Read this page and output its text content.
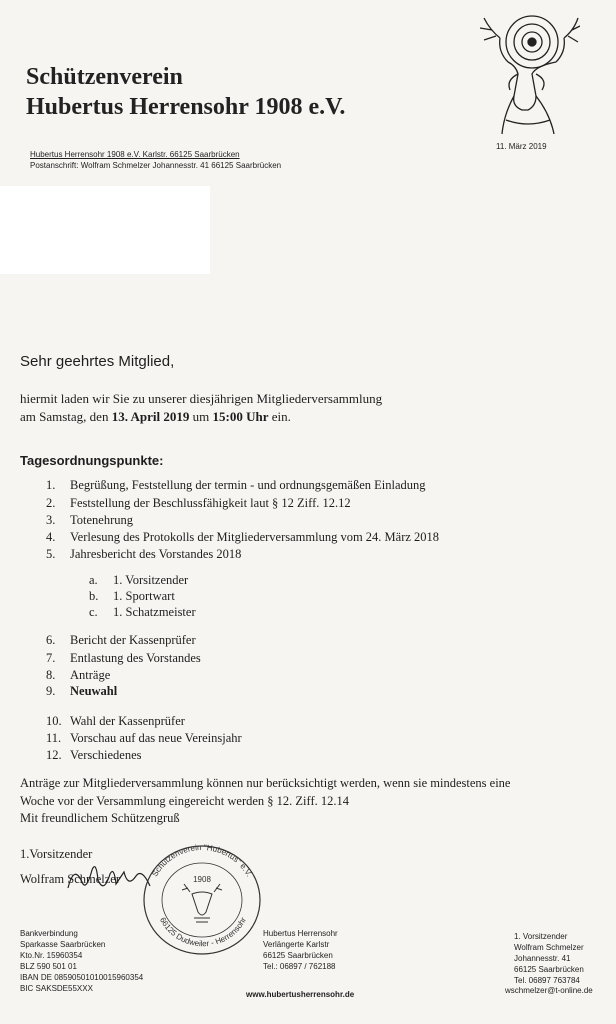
Schützenverein
Hubertus Herrensohr 1908 e.V.
Hubertus Herrensohr 1908 e.V. Karlstr. 66125 Saarbrücken
Postanschrift: Wolfram Schmelzer Johannesstr. 41 66125 Saarbrücken
11. März 2019
Sehr geehrtes Mitglied,
hiermit laden wir Sie zu unserer diesjährigen Mitgliederversammlung
am Samstag, den 13. April 2019 um 15:00 Uhr ein.
Tagesordnungspunkte:
1. Begrüßung, Feststellung der termin - und ordnungsgemäßen Einladung
2. Feststellung der Beschlussfähigkeit laut § 12 Ziff. 12.12
3. Totenehrung
4. Verlesung des Protokolls der Mitgliederversammlung vom 24. März 2018
5. Jahresbericht des Vorstandes 2018
a. 1. Vorsitzender
b. 1. Sportwart
c. 1. Schatzmeister
6. Bericht der Kassenprüfer
7. Entlastung des Vorstandes
8. Anträge
9. Neuwahl
10. Wahl der Kassenprüfer
11. Vorschau auf das neue Vereinsjahr
12. Verschiedenes
Anträge zur Mitgliederversammlung können nur berücksichtigt werden, wenn sie mindestens eine
Woche vor der Versammlung eingereicht werden § 12. Ziff. 12.14
Mit freundlichem Schützengruß
1.Vorsitzender
Wolfram Schmelzer	Schützenverein "Hubertus" e.V.
66125 Dudweiler - Herrensohr
1908
Bankverbindung
Sparkasse Saarbrücken
Kto.Nr. 15960354
BLZ 590 501 01
IBAN DE 0859050101001596035​4
BIC SAKSDE55XXX
Hubertus Herrensohr
Verlängerte Karlstr
66125 Saarbrücken
Tel.: 06897 / 762188
www.hubertusherrensohr.de
1. Vorsitzender
Wolfram Schmelzer
Johannesstr. 41
66125 Saarbrücken
Tel. 06897 763784
wschmelzer@t-online.de
